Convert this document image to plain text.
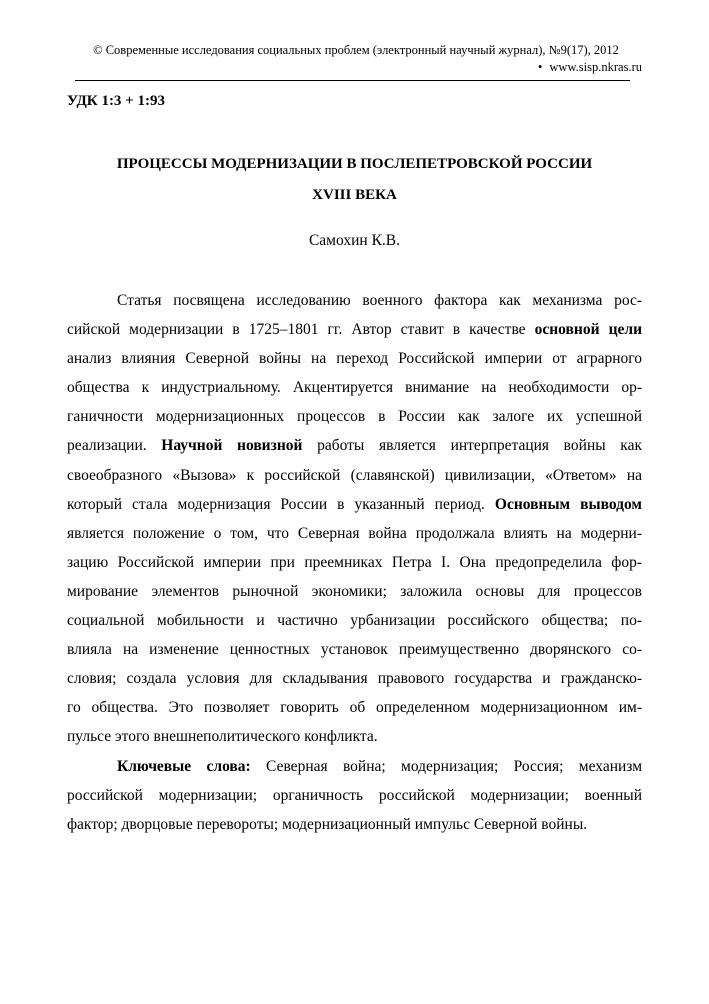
© Современные исследования социальных проблем (электронный научный журнал), №9(17), 2012
• www.sisp.nkras.ru
УДК 1:3 + 1:93
ПРОЦЕССЫ МОДЕРНИЗАЦИИ В ПОСЛЕПЕТРОВСКОЙ РОССИИ
XVIII ВЕКА
Самохин К.В.
Статья посвящена исследованию военного фактора как механизма рос-
сийской модернизации в 1725–1801 гг. Автор ставит в качестве основной цели
анализ влияния Северной войны на переход Российской империи от аграрного
общества к индустриальному. Акцентируется внимание на необходимости ор-
ганичности модернизационных процессов в России как залоге их успешной
реализации. Научной новизной работы является интерпретация войны как
своеобразного «Вызова» к российской (славянской) цивилизации, «Ответом» на
который стала модернизация России в указанный период. Основным выводом
является положение о том, что Северная война продолжала влиять на модерни-
зацию Российской империи при преемниках Петра I. Она предопределила фор-
мирование элементов рыночной экономики; заложила основы для процессов
социальной мобильности и частично урбанизации российского общества; по-
влияла на изменение ценностных установок преимущественно дворянского со-
словия; создала условия для складывания правового государства и гражданско-
го общества. Это позволяет говорить об определенном модернизационном им-
пульсе этого внешнеполитического конфликта.
Ключевые слова: Северная война; модернизация; Россия; механизм
российской модернизации; органичность российской модернизации; военный
фактор; дворцовые перевороты; модернизационный импульс Северной войны.
